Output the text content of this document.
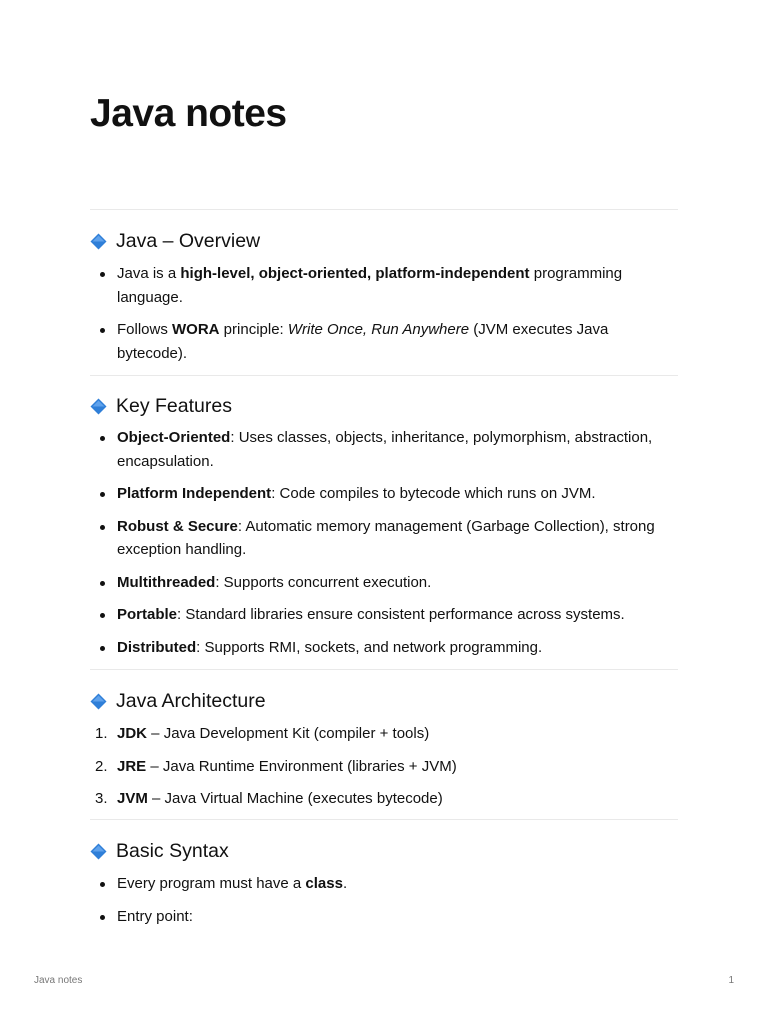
Java notes
Java – Overview
Java is a high-level, object-oriented, platform-independent programming language.
Follows WORA principle: Write Once, Run Anywhere (JVM executes Java bytecode).
Key Features
Object-Oriented: Uses classes, objects, inheritance, polymorphism, abstraction, encapsulation.
Platform Independent: Code compiles to bytecode which runs on JVM.
Robust & Secure: Automatic memory management (Garbage Collection), strong exception handling.
Multithreaded: Supports concurrent execution.
Portable: Standard libraries ensure consistent performance across systems.
Distributed: Supports RMI, sockets, and network programming.
Java Architecture
1. JDK – Java Development Kit (compiler + tools)
2. JRE – Java Runtime Environment (libraries + JVM)
3. JVM – Java Virtual Machine (executes bytecode)
Basic Syntax
Every program must have a class.
Entry point:
Java notes	1
